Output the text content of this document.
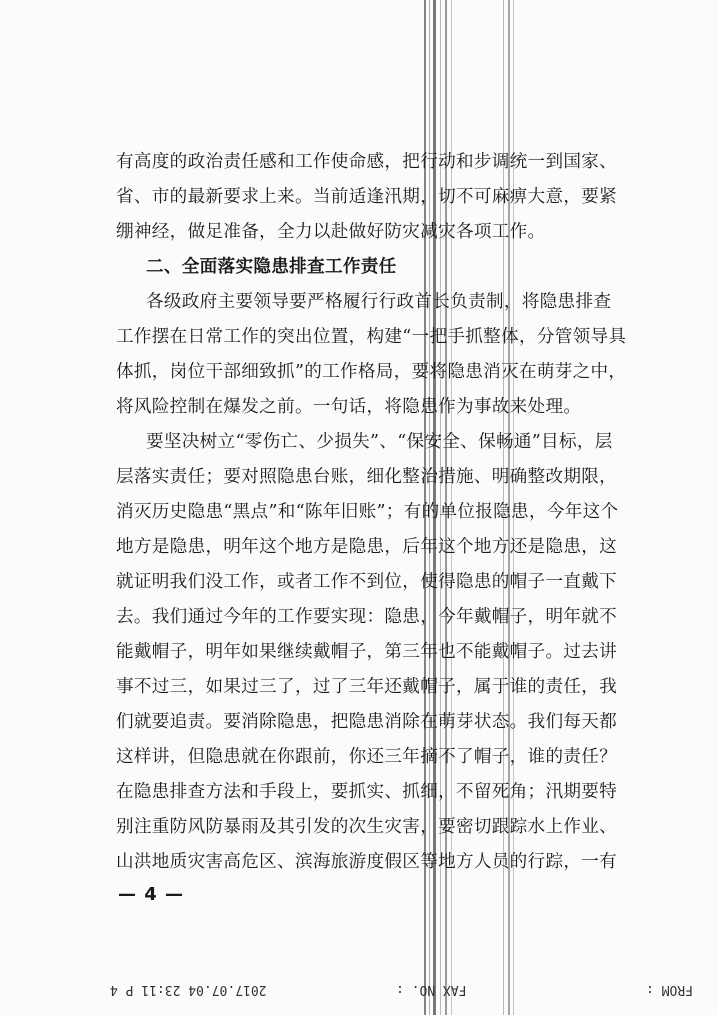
有高度的政治责任感和工作使命感，把行动和步调统一到国家、
省、市的最新要求上来。当前适逢汛期，切不可麻痹大意，要紧
绷神经，做足准备，全力以赴做好防灾减灾各项工作。
二、全面落实隐患排查工作责任
各级政府主要领导要严格履行行政首长负责制，将隐患排查
工作摆在日常工作的突出位置，构建“一把手抓整体，分管领导具
体抓，岗位干部细致抓”的工作格局，要将隐患消灭在萌芽之中，
将风险控制在爆发之前。一句话，将隐患作为事故来处理。
要坚决树立“零伤亡、少损失”、“保安全、保畅通”目标，层
层落实责任；要对照隐患台账，细化整治措施、明确整改期限，
消灭历史隐患“黑点”和“陈年旧账”；有的单位报隐患，今年这个
地方是隐患，明年这个地方是隐患，后年这个地方还是隐患，这
就证明我们没工作，或者工作不到位，使得隐患的帽子一直戴下
去。我们通过今年的工作要实现：隐患，今年戴帽子，明年就不
能戴帽子，明年如果继续戴帽子，第三年也不能戴帽子。过去讲
事不过三，如果过三了，过了三年还戴帽子，属于谁的责任，我
们就要追责。要消除隐患，把隐患消除在萌芽状态。我们每天都
这样讲，但隐患就在你跟前，你还三年摘不了帽子，谁的责任？
在隐患排查方法和手段上，要抓实、抓细，不留死角；汛期要特
别注重防风防暴雨及其引发的次生灾害，要密切跟踪水上作业、
山洪地质灾害高危区、滨海旅游度假区等地方人员的行踪，一有
— 4 —
2017.07.04 23:11 P 4	FAX NO. :	FROM :
